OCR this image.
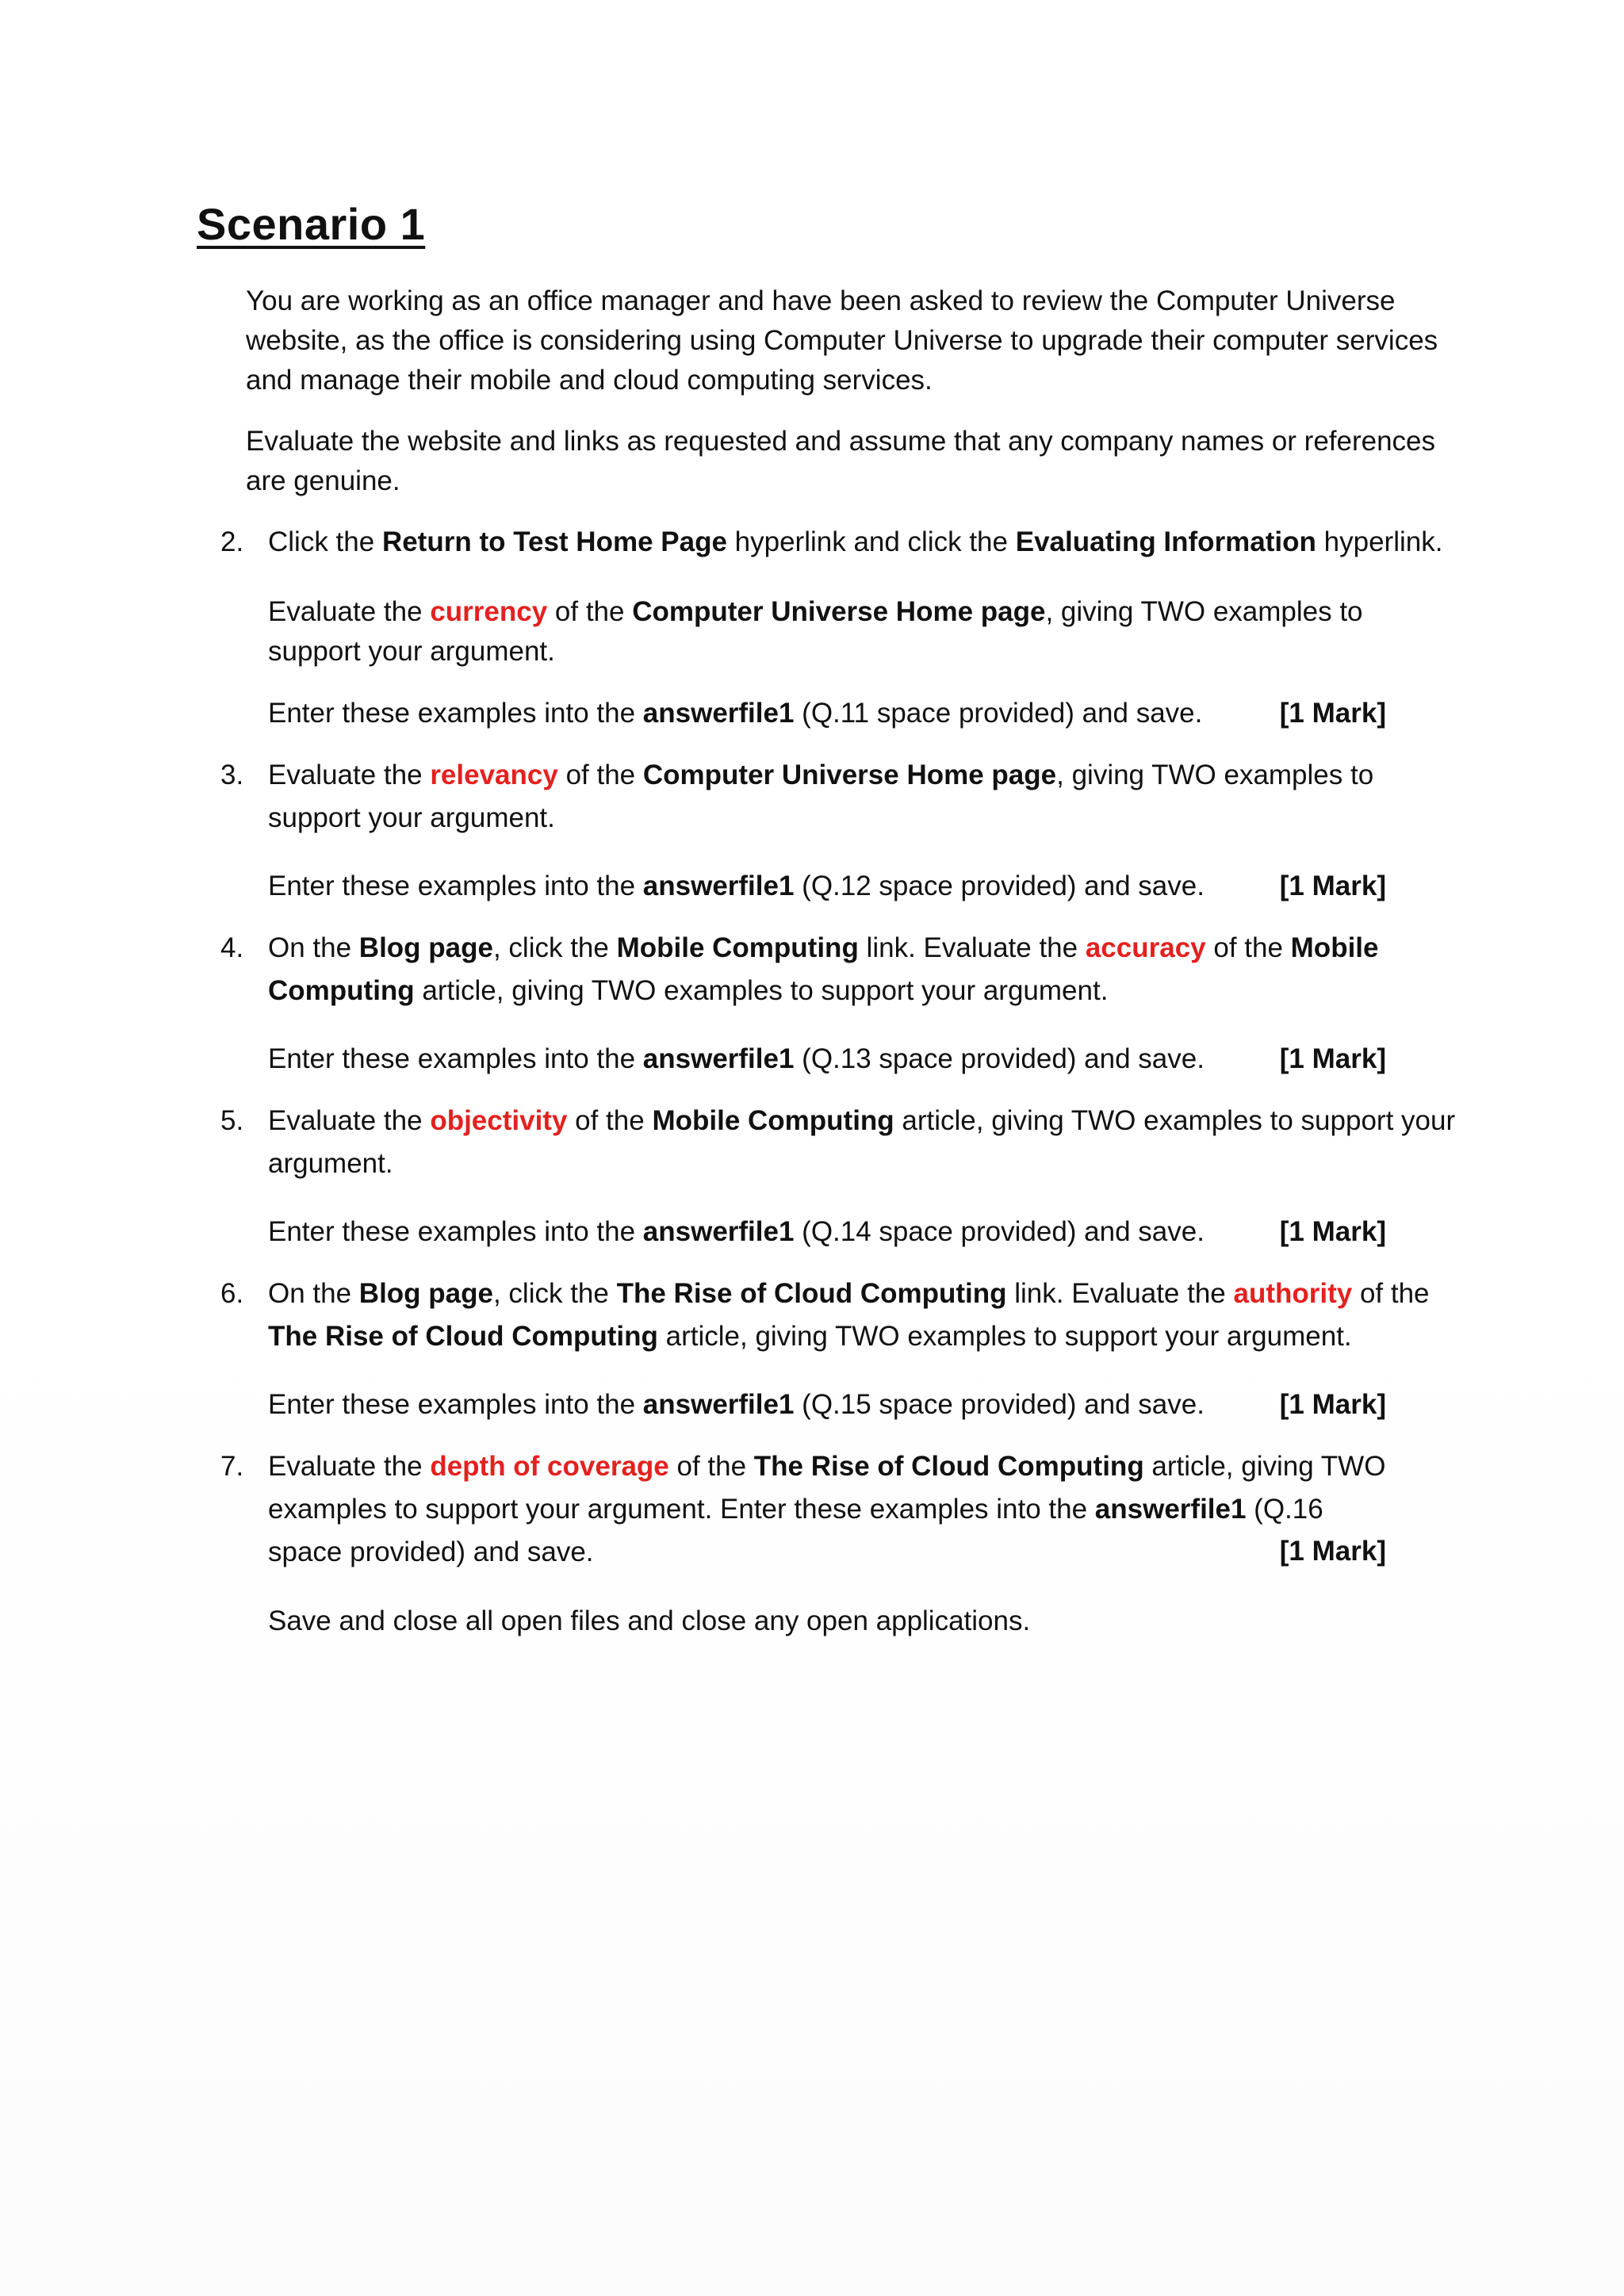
Scenario 1
You are working as an office manager and have been asked to review the Computer Universe website, as the office is considering using Computer Universe to upgrade their computer services and manage their mobile and cloud computing services.
Evaluate the website and links as requested and assume that any company names or references are genuine.
2. Click the Return to Test Home Page hyperlink and click the Evaluating Information hyperlink.
Evaluate the currency of the Computer Universe Home page, giving TWO examples to support your argument.
Enter these examples into the answerfile1 (Q.11 space provided) and save.	[1 Mark]
3. Evaluate the relevancy of the Computer Universe Home page, giving TWO examples to support your argument.
Enter these examples into the answerfile1 (Q.12 space provided) and save.	[1 Mark]
4. On the Blog page, click the Mobile Computing link. Evaluate the accuracy of the Mobile Computing article, giving TWO examples to support your argument.
Enter these examples into the answerfile1 (Q.13 space provided) and save.	[1 Mark]
5. Evaluate the objectivity of the Mobile Computing article, giving TWO examples to support your argument.
Enter these examples into the answerfile1 (Q.14 space provided) and save.	[1 Mark]
6. On the Blog page, click the The Rise of Cloud Computing link. Evaluate the authority of the The Rise of Cloud Computing article, giving TWO examples to support your argument.
Enter these examples into the answerfile1 (Q.15 space provided) and save.	[1 Mark]
7. Evaluate the depth of coverage of the The Rise of Cloud Computing article, giving TWO examples to support your argument. Enter these examples into the answerfile1 (Q.16 space provided) and save.	[1 Mark]
Save and close all open files and close any open applications.
